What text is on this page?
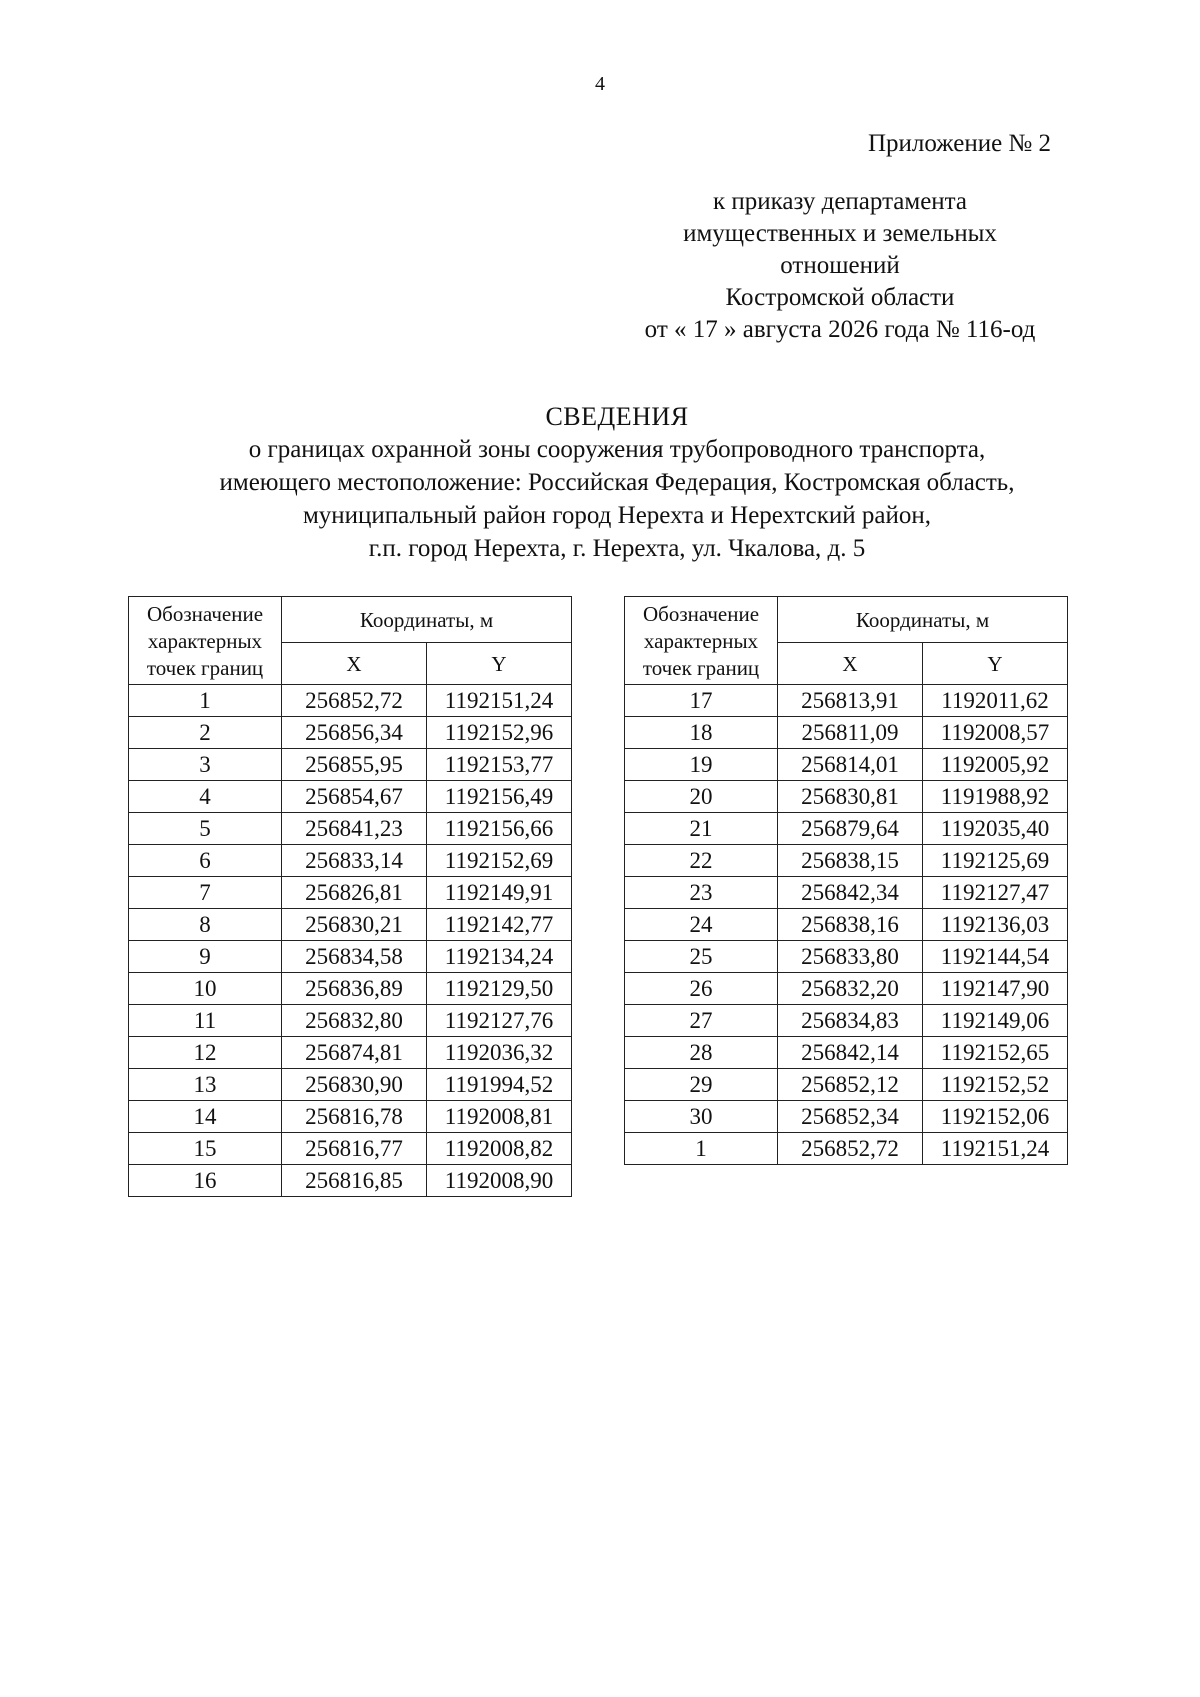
4
Приложение № 2
к приказу департамента
имущественных и земельных
отношений
Костромской области
от « 17 » августа 2026 года № 116-од
СВЕДЕНИЯ
о границах охранной зоны сооружения трубопроводного транспорта,
имеющего местоположение: Российская Федерация, Костромская область,
муниципальный район город Нерехта и Нерехтский район,
г.п. город Нерехта, г. Нерехта, ул. Чкалова, д. 5
Обозначение
характерных
точек границ	Координаты, м	
	X	Y
1	256852,72	1192151,24
2	256856,34	1192152,96
3	256855,95	1192153,77
4	256854,67	1192156,49
5	256841,23	1192156,66
6	256833,14	1192152,69
7	256826,81	1192149,91
8	256830,21	1192142,77
9	256834,58	1192134,24
10	256836,89	1192129,50
11	256832,80	1192127,76
12	256874,81	1192036,32
13	256830,90	1191994,52
14	256816,78	1192008,81
15	256816,77	1192008,82
16	256816,85	1192008,90
Обозначение
характерных
точек границ	Координаты, м	
	X	Y
17	256813,91	1192011,62
18	256811,09	1192008,57
19	256814,01	1192005,92
20	256830,81	1191988,92
21	256879,64	1192035,40
22	256838,15	1192125,69
23	256842,34	1192127,47
24	256838,16	1192136,03
25	256833,80	1192144,54
26	256832,20	1192147,90
27	256834,83	1192149,06
28	256842,14	1192152,65
29	256852,12	1192152,52
30	256852,34	1192152,06
1	256852,72	1192151,24
